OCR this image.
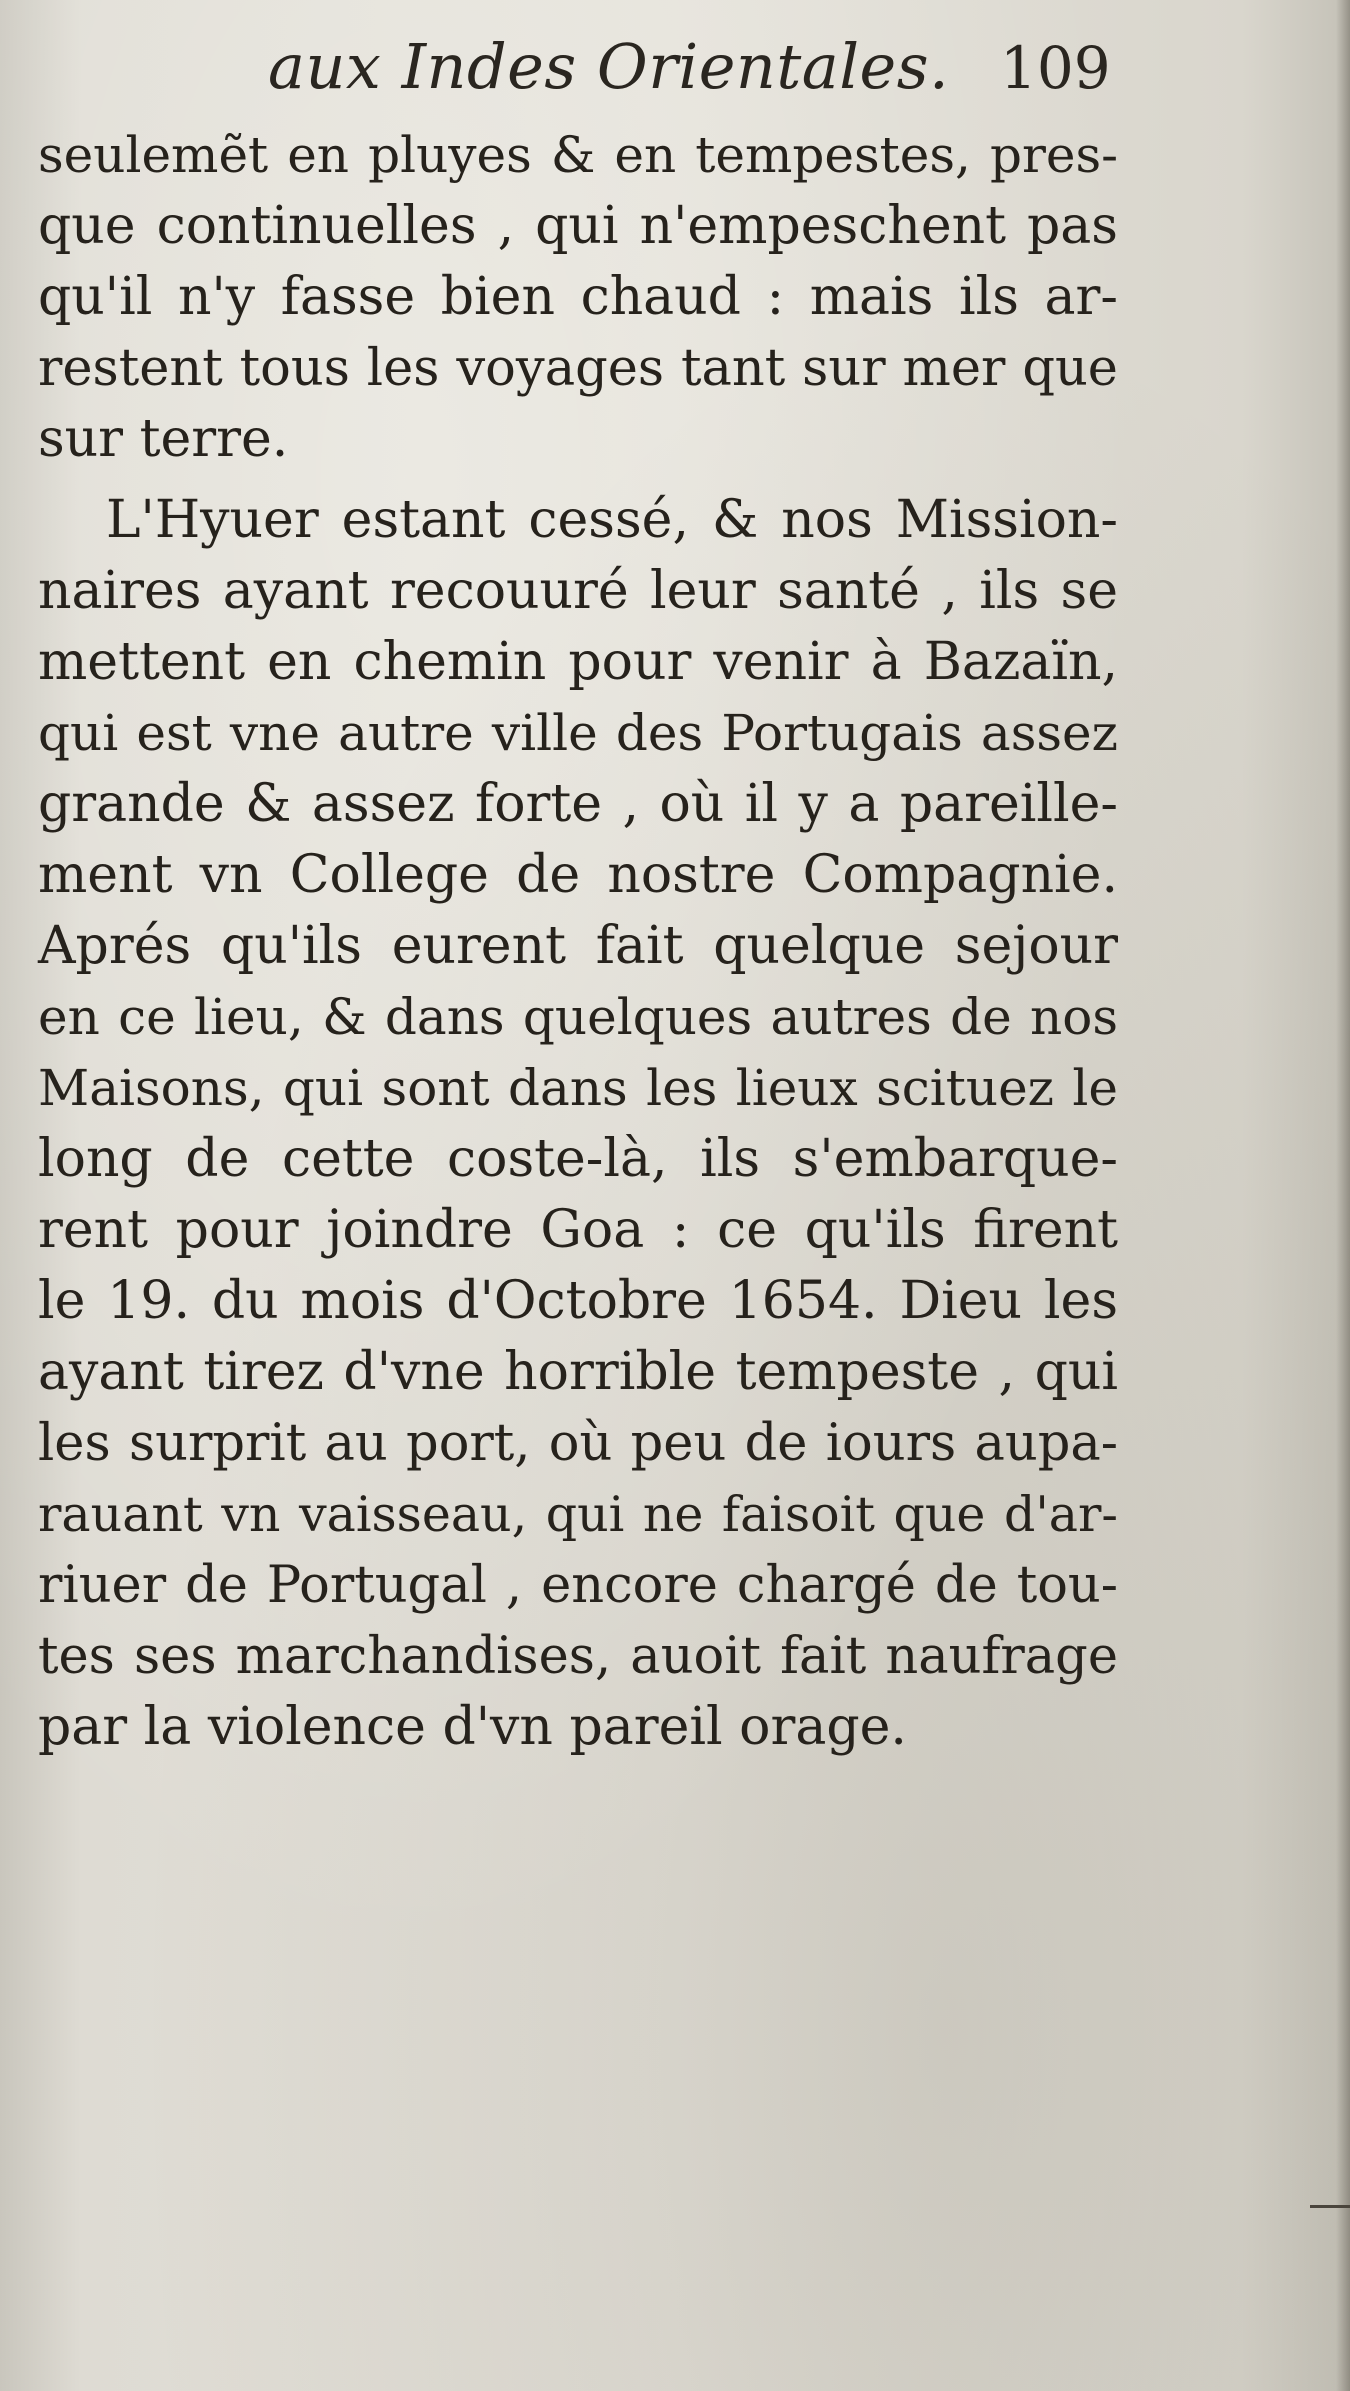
aux Indes Orientales. 109
seulemẽt en pluyes & en tempestes, pres-
que continuelles , qui n'empeschent pas
qu'il n'y fasse bien chaud : mais ils ar-
restent tous les voyages tant sur mer que
sur terre.
L'Hyuer estant cessé, & nos Mission-
naires ayant recouuré leur santé , ils se
mettent en chemin pour venir à Bazaïn,
qui est vne autre ville des Portugais assez
grande & assez forte , où il y a pareille-
ment vn College de nostre Compagnie.
Aprés qu'ils eurent fait quelque sejour
en ce lieu, & dans quelques autres de nos
Maisons, qui sont dans les lieux scituez le
long de cette coste-là, ils s'embarque-
rent pour joindre Goa : ce qu'ils firent
le 19. du mois d'Octobre 1654. Dieu les
ayant tirez d'vne horrible tempeste , qui
les surprit au port, où peu de iours aupa-
rauant vn vaisseau, qui ne faisoit que d'ar-
riuer de Portugal , encore chargé de tou-
tes ses marchandises, auoit fait naufrage
par la violence d'vn pareil orage.
